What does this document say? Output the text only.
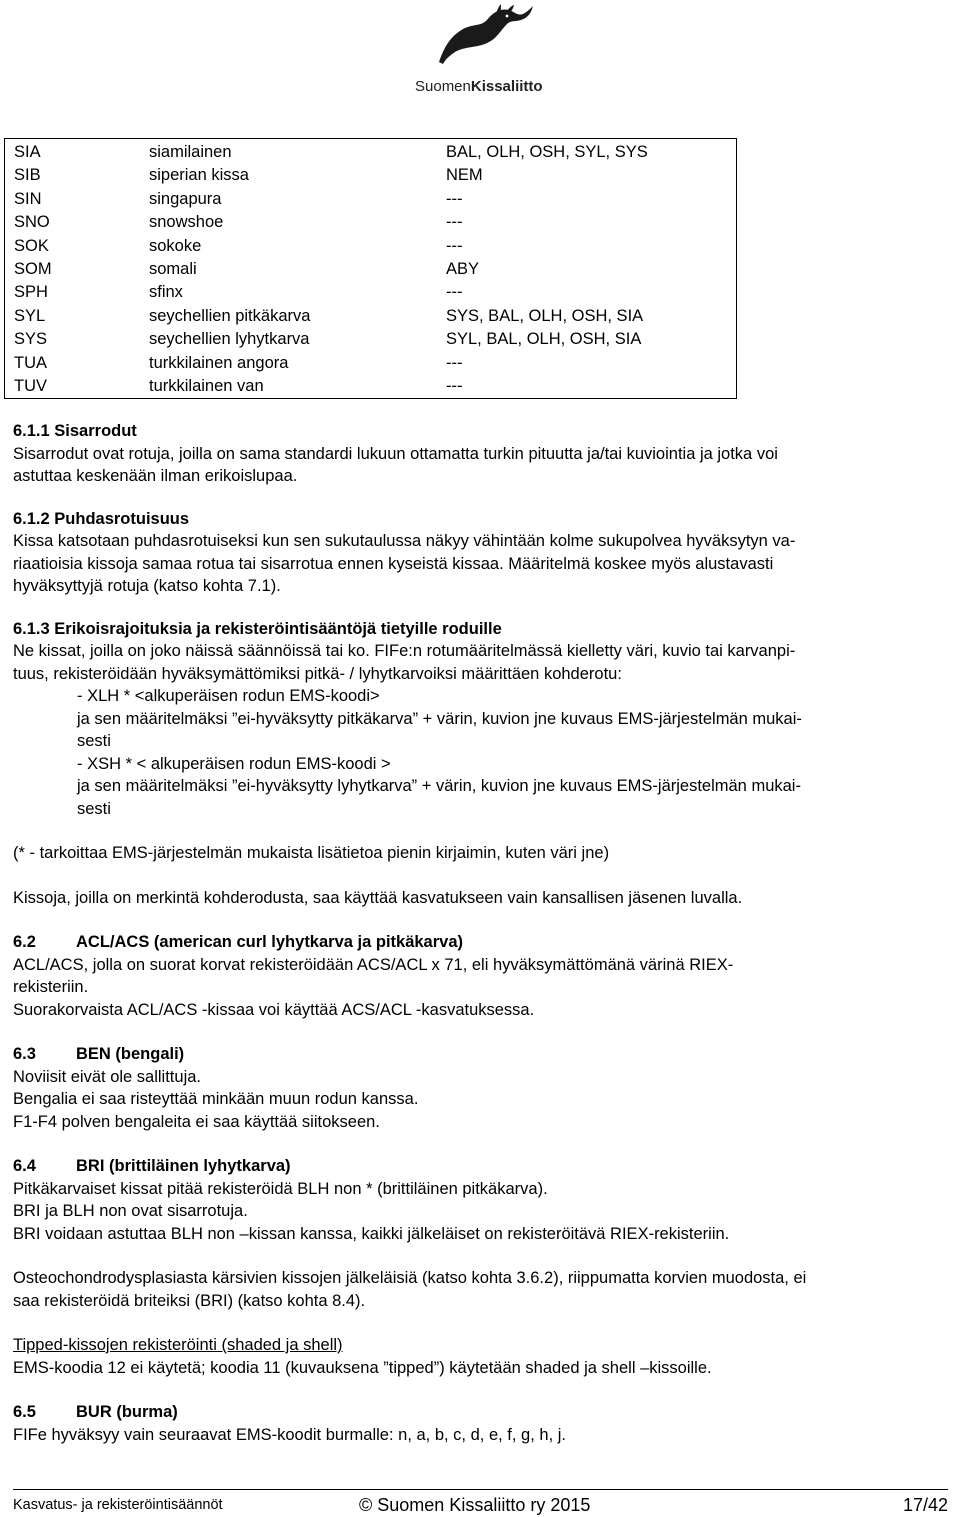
SuomenKissaliitto
SIA	siamilainen	BAL, OLH, OSH, SYL, SYS
SIB	siperian kissa	NEM
SIN	singapura	---
SNO	snowshoe	---
SOK	sokoke	---
SOM	somali	ABY
SPH	sfinx	---
SYL	seychellien pitkäkarva	SYS, BAL, OLH, OSH, SIA
SYS	seychellien lyhytkarva	SYL, BAL, OLH, OSH, SIA
TUA	turkkilainen angora	---
TUV	turkkilainen van	---

6.1.1 Sisarrodut

Sisarrodut ovat rotuja, joilla on sama standardi lukuun ottamatta turkin pituutta ja/tai kuviointia ja jotka voi

astuttaa keskenään ilman erikoislupaa.

6.1.2 Puhdasrotuisuus

Kissa katsotaan puhdasrotuiseksi kun sen sukutaulussa näkyy vähintään kolme sukupolvea hyväksytyn va-

riaatioisia kissoja samaa rotua tai sisarrotua ennen kyseistä kissaa. Määritelmä koskee myös alustavasti

hyväksyttyjä rotuja (katso kohta 7.1).

6.1.3 Erikoisrajoituksia ja rekisteröintisääntöjä tietyille roduille

Ne kissat, joilla on joko näissä säännöissä tai ko. FIFe:n rotumääritelmässä kielletty väri, kuvio tai karvanpi-

tuus, rekisteröidään hyväksymättömiksi pitkä- / lyhytkarvoiksi määrittäen kohderotu:

- XLH * <alkuperäisen rodun EMS-koodi>

ja sen määritelmäksi ”ei-hyväksytty pitkäkarva” + värin, kuvion jne kuvaus EMS-järjestelmän mukai-

sesti

- XSH * < alkuperäisen rodun EMS-koodi >

ja sen määritelmäksi ”ei-hyväksytty lyhytkarva” + värin, kuvion jne kuvaus EMS-järjestelmän mukai-

sesti

(* - tarkoittaa EMS-järjestelmän mukaista lisätietoa pienin kirjaimin, kuten väri jne)

Kissoja, joilla on merkintä kohderodusta, saa käyttää kasvatukseen vain kansallisen jäsenen luvalla.

6.2 ACL/ACS (american curl lyhytkarva ja pitkäkarva)

ACL/ACS, jolla on suorat korvat rekisteröidään ACS/ACL x 71, eli hyväksymättömänä värinä RIEX-

rekisteriin.

Suorakorvaista ACL/ACS -kissaa voi käyttää ACS/ACL -kasvatuksessa.

6.3 BEN (bengali)

Noviisit eivät ole sallittuja.

Bengalia ei saa risteyttää minkään muun rodun kanssa.

F1-F4 polven bengaleita ei saa käyttää siitokseen.

6.4 BRI (brittiläinen lyhytkarva)

Pitkäkarvaiset kissat pitää rekisteröidä BLH non * (brittiläinen pitkäkarva).

BRI ja BLH non ovat sisarrotuja.

BRI voidaan astuttaa BLH non –kissan kanssa, kaikki jälkeläiset on rekisteröitävä RIEX-rekisteriin.

Osteochondrodysplasiasta kärsivien kissojen jälkeläisiä (katso kohta 3.6.2), riippumatta korvien muodosta, ei

saa rekisteröidä briteiksi (BRI) (katso kohta 8.4).

Tipped-kissojen rekisteröinti (shaded ja shell)

EMS-koodia 12 ei käytetä; koodia 11 (kuvauksena ”tipped”) käytetään shaded ja shell –kissoille.

6.5 BUR (burma)

FIFe hyväksyy vain seuraavat EMS-koodit burmalle: n, a, b, c, d, e, f, g, h, j.

Kasvatus- ja rekisteröintisäännöt	© Suomen Kissaliitto ry 2015	17/42
